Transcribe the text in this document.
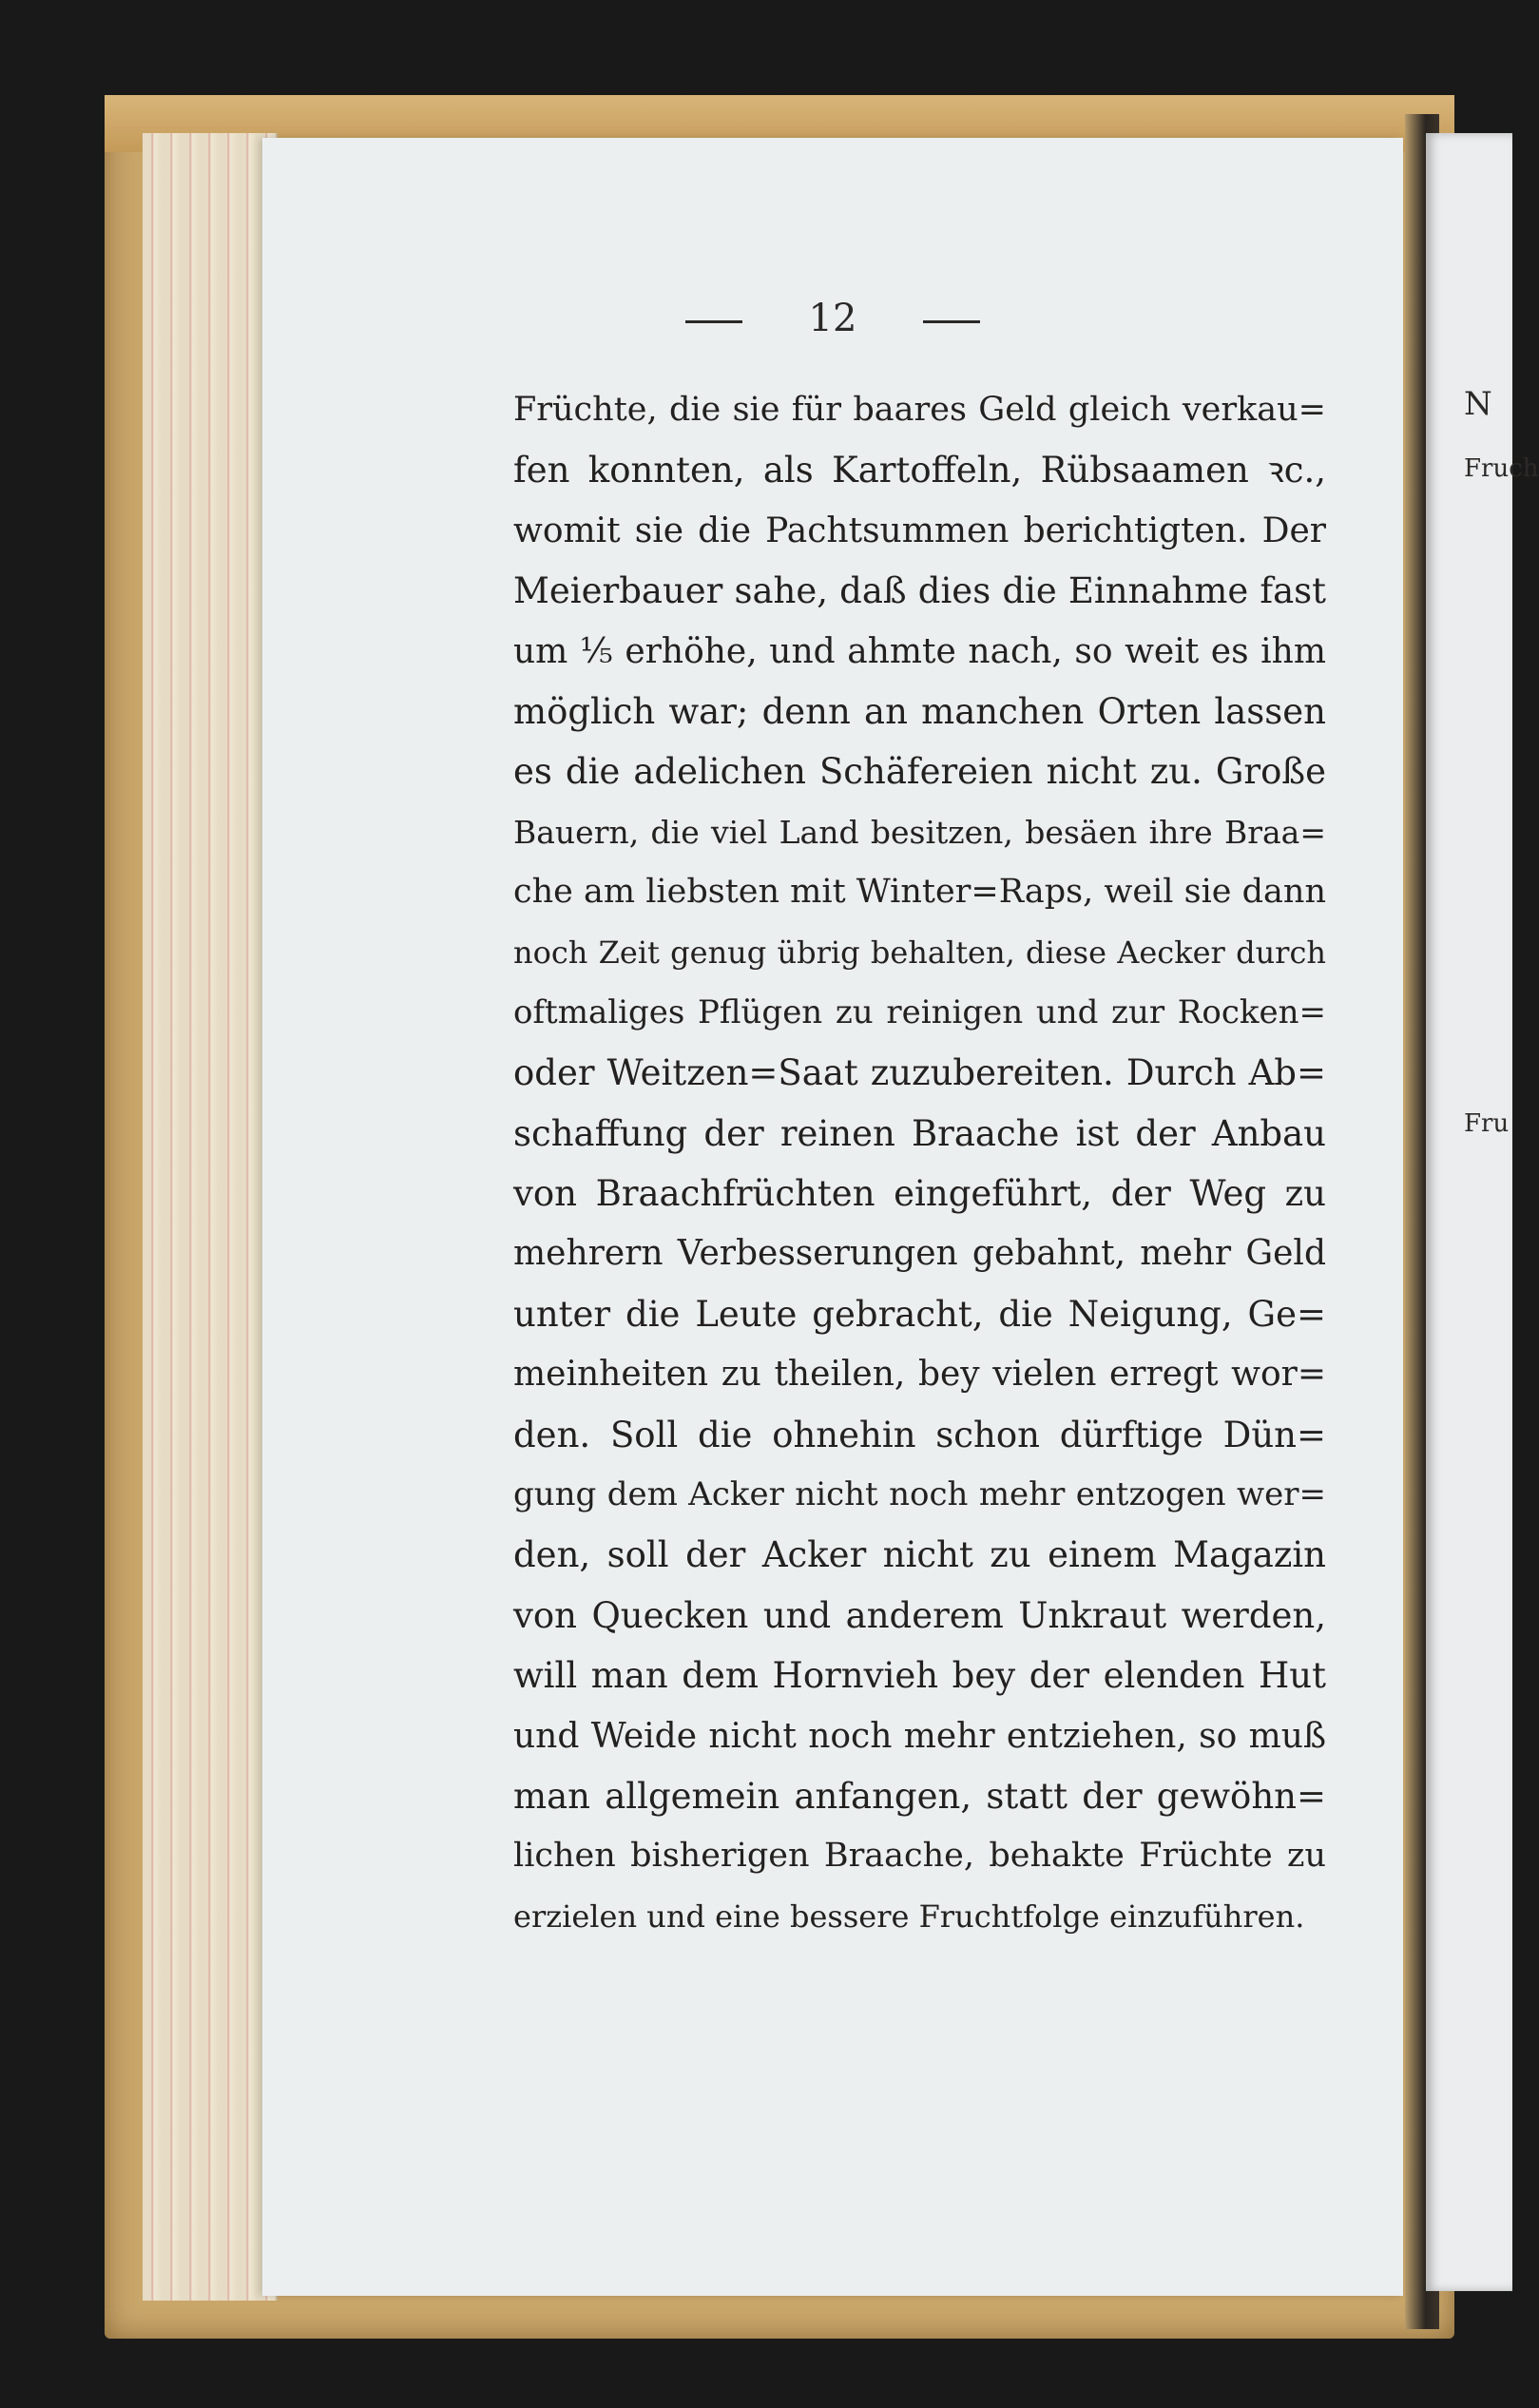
N
Fruch
Fru
12
Früchte, die sie für baares Geld gleich verkau=
fen konnten, als Kartoffeln, Rübsaamen ꝛc.,
womit sie die Pachtsummen berichtigten. Der
Meierbauer sahe, daß dies die Einnahme fast
um ⅕ erhöhe, und ahmte nach, so weit es ihm
möglich war; denn an manchen Orten lassen
es die adelichen Schäfereien nicht zu. Große
Bauern, die viel Land besitzen, besäen ihre Braa=
che am liebsten mit Winter=Raps, weil sie dann
noch Zeit genug übrig behalten, diese Aecker durch
oftmaliges Pflügen zu reinigen und zur Rocken=
oder Weitzen=Saat zuzubereiten. Durch Ab=
schaffung der reinen Braache ist der Anbau
von Braachfrüchten eingeführt, der Weg zu
mehrern Verbesserungen gebahnt, mehr Geld
unter die Leute gebracht, die Neigung, Ge=
meinheiten zu theilen, bey vielen erregt wor=
den. Soll die ohnehin schon dürftige Dün=
gung dem Acker nicht noch mehr entzogen wer=
den, soll der Acker nicht zu einem Magazin
von Quecken und anderem Unkraut werden,
will man dem Hornvieh bey der elenden Hut
und Weide nicht noch mehr entziehen, so muß
man allgemein anfangen, statt der gewöhn=
lichen bisherigen Braache, behakte Früchte zu
erzielen und eine bessere Fruchtfolge einzuführen.
